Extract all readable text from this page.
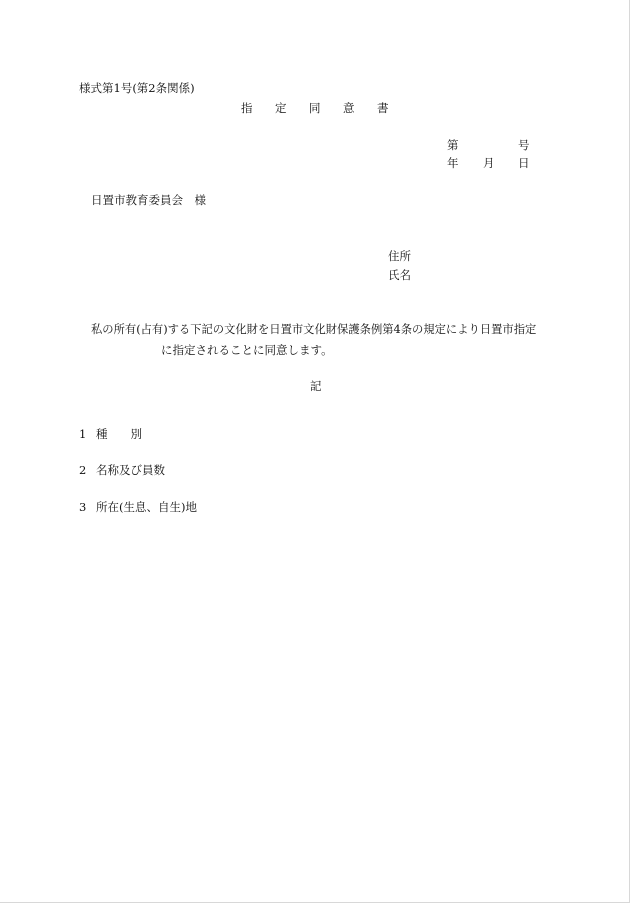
様式第1号(第2条関係)
指 定 同 意 書
第	号
年 月 日
日置市教育委員会　様
住所
氏名
私の所有(占有)する下記の文化財を日置市文化財保護条例第4条の規定により日置市指定
に指定されることに同意します。
記
1 種　　別
2 名称及び員数
3 所在(生息、自生)地
